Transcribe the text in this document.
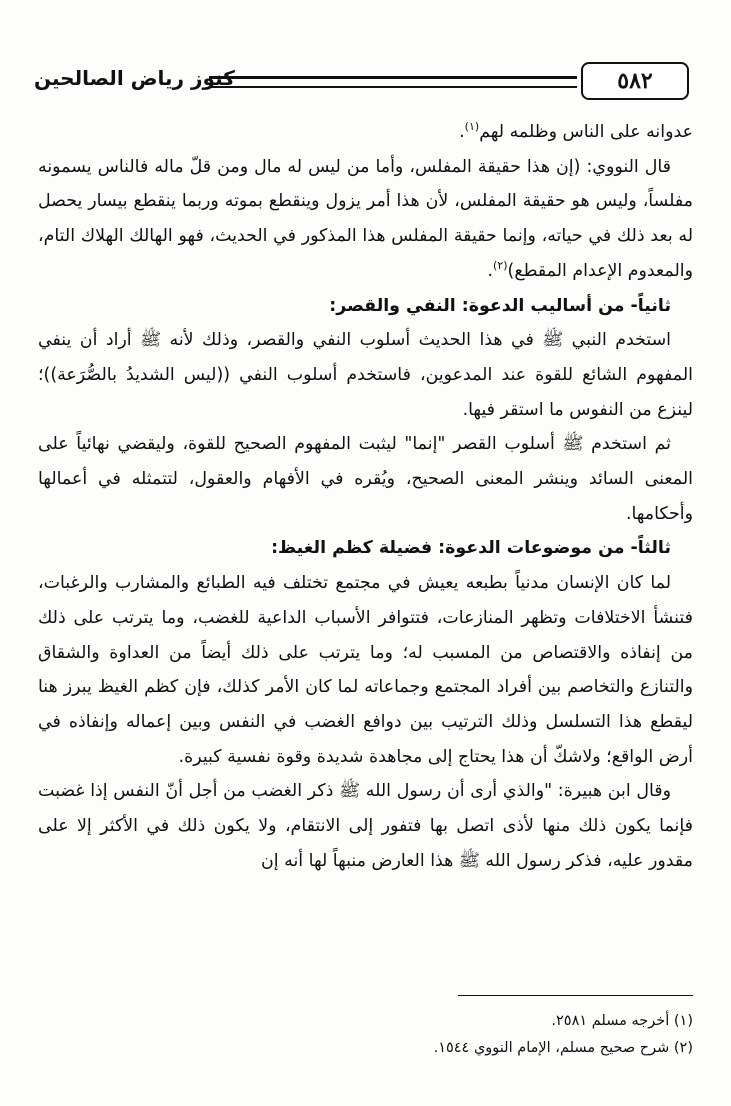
٥٨٢
كنوز رياض الصالحين

عدوانه على الناس وظلمه لهم$^{(١)}$.

قال النووي: (إن هذا حقيقة المفلس، وأما من ليس له مال ومن قلّ ماله فالناس يسمونه مفلساً، وليس هو حقيقة المفلس، لأن هذا أمر يزول وينقطع بموته وربما ينقطع بيسار يحصل له بعد ذلك في حياته، وإنما حقيقة المفلس هذا المذكور في الحديث، فهو الهالك الهلاك التام، والمعدوم الإعدام المقطع)$^{(٢)}$.

ثانياً- من أساليب الدعوة: النفي والقصر:

استخدم النبي ﷺ في هذا الحديث أسلوب النفي والقصر، وذلك لأنه ﷺ أراد أن ينفي المفهوم الشائع للقوة عند المدعوين، فاستخدم أسلوب النفي ((ليس الشديدُ بالصُّرَعة))؛ لينزع من النفوس ما استقر فيها.

ثم استخدم ﷺ أسلوب القصر "إنما" ليثبت المفهوم الصحيح للقوة، وليقضي نهائياً على المعنى السائد وينشر المعنى الصحيح، ويُقره في الأفهام والعقول، لتتمثله في أعمالها وأحكامها.

ثالثاً- من موضوعات الدعوة: فضيلة كظم الغيظ:

لما كان الإنسان مدنياً بطبعه يعيش في مجتمع تختلف فيه الطبائع والمشارب والرغبات، فتنشأ الاختلافات وتظهر المنازعات، فتتوافر الأسباب الداعية للغضب، وما يترتب على ذلك من إنفاذه والاقتصاص من المسبب له؛ وما يترتب على ذلك أيضاً من العداوة والشقاق والتنازع والتخاصم بين أفراد المجتمع وجماعاته لما كان الأمر كذلك، فإن كظم الغيظ يبرز هنا ليقطع هذا التسلسل وذلك الترتيب بين دوافع الغضب في النفس وبين إعماله وإنفاذه في أرض الواقع؛ ولاشكّ أن هذا يحتاج إلى مجاهدة شديدة وقوة نفسية كبيرة.

وقال ابن هبيرة: "والذي أرى أن رسول الله ﷺ ذكر الغضب من أجل أنّ النفس إذا غضبت فإنما يكون ذلك منها لأذى اتصل بها فتفور إلى الانتقام، ولا يكون ذلك في الأكثر إلا على مقدور عليه، فذكر رسول الله ﷺ هذا العارض منبهاً لها أنه إن

(١) أخرجه مسلم ٢٥٨١.

(٢) شرح صحيح مسلم، الإمام النووي ١٥٤٤.
